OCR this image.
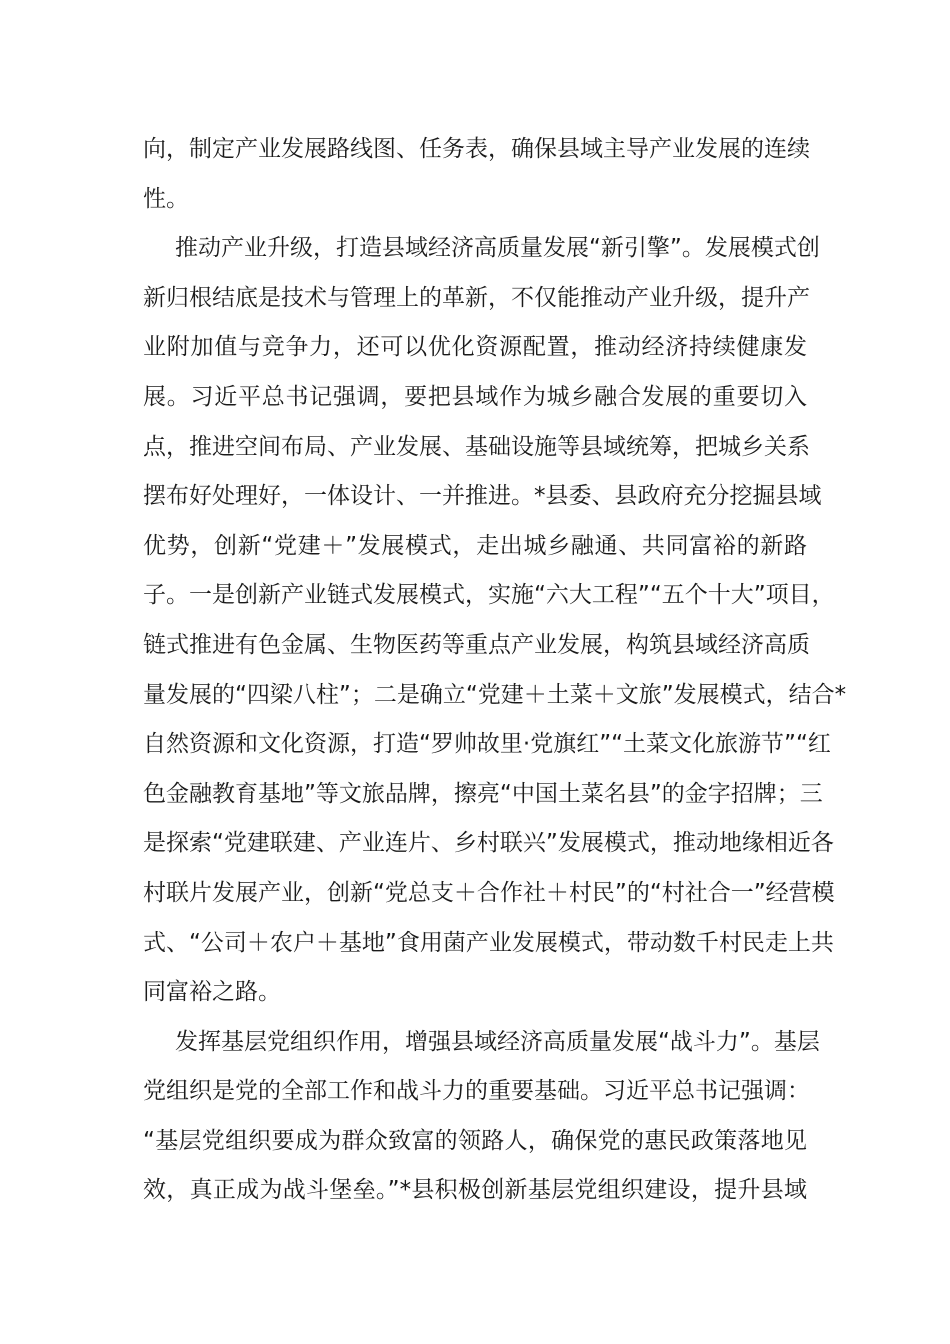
向，制定产业发展路线图、任务表，确保县域主导产业发展的连续
性。
推动产业升级，打造县域经济高质量发展“新引擎”。发展模式创
新归根结底是技术与管理上的革新，不仅能推动产业升级，提升产
业附加值与竞争力，还可以优化资源配置，推动经济持续健康发
展。习近平总书记强调，要把县域作为城乡融合发展的重要切入
点，推进空间布局、产业发展、基础设施等县域统筹，把城乡关系
摆布好处理好，一体设计、一并推进。*县委、县政府充分挖掘县域
优势，创新“党建＋”发展模式，走出城乡融通、共同富裕的新路
子。一是创新产业链式发展模式，实施“六大工程”“五个十大”项目，
链式推进有色金属、生物医药等重点产业发展，构筑县域经济高质
量发展的“四梁八柱”；二是确立“党建＋土菜＋文旅”发展模式，结合*
自然资源和文化资源，打造“罗帅故里·党旗红”“土菜文化旅游节”“红
色金融教育基地”等文旅品牌，擦亮“中国土菜名县”的金字招牌；三
是探索“党建联建、产业连片、乡村联兴”发展模式，推动地缘相近各
村联片发展产业，创新“党总支＋合作社＋村民”的“村社合一”经营模
式、“公司＋农户＋基地”食用菌产业发展模式，带动数千村民走上共
同富裕之路。
发挥基层党组织作用，增强县域经济高质量发展“战斗力”。基层
党组织是党的全部工作和战斗力的重要基础。习近平总书记强调：
“基层党组织要成为群众致富的领路人，确保党的惠民政策落地见
效，真正成为战斗堡垒。”*县积极创新基层党组织建设，提升县域
